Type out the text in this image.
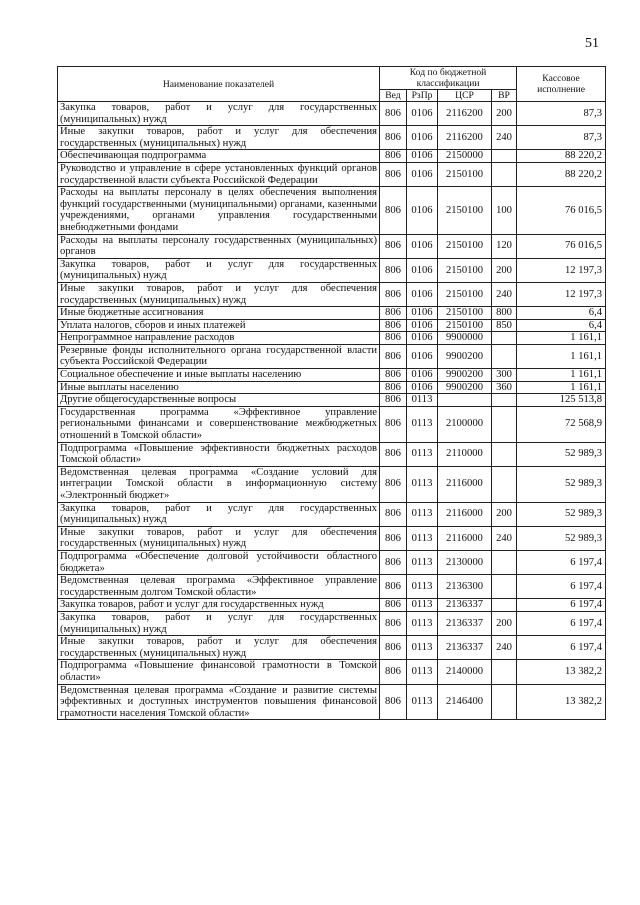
51
Наименование показателей	Код по бюджетной классификации				Кассовое исполнение
	Вед	РзПр	ЦСР	ВР	
Закупка товаров, работ и услуг для государственных (муниципальных) нужд	806	0106	2116200	200	87,3
Иные закупки товаров, работ и услуг для обеспечения государственных (муниципальных) нужд	806	0106	2116200	240	87,3
Обеспечивающая подпрограмма	806	0106	2150000		88 220,2
Руководство и управление в сфере установленных функций органов государственной власти субъекта Российской Федерации	806	0106	2150100		88 220,2
Расходы на выплаты персоналу в целях обеспечения выполнения функций государственными (муниципальными) органами, казенными учреждениями, органами управления государственными внебюджетными фондами	806	0106	2150100	100	76 016,5
Расходы на выплаты персоналу государственных (муниципальных) органов	806	0106	2150100	120	76 016,5
Закупка товаров, работ и услуг для государственных (муниципальных) нужд	806	0106	2150100	200	12 197,3
Иные закупки товаров, работ и услуг для обеспечения государственных (муниципальных) нужд	806	0106	2150100	240	12 197,3
Иные бюджетные ассигнования	806	0106	2150100	800	6,4
Уплата налогов, сборов и иных платежей	806	0106	2150100	850	6,4
Непрограммное направление расходов	806	0106	9900000		1 161,1
Резервные фонды исполнительного органа государственной власти субъекта Российской Федерации	806	0106	9900200		1 161,1
Социальное обеспечение и иные выплаты населению	806	0106	9900200	300	1 161,1
Иные выплаты населению	806	0106	9900200	360	1 161,1
Другие общегосударственные вопросы	806	0113			125 513,8
Государственная программа «Эффективное управление региональными финансами и совершенствование межбюджетных отношений в Томской области»	806	0113	2100000		72 568,9
Подпрограмма «Повышение эффективности бюджетных расходов Томской области»	806	0113	2110000		52 989,3
Ведомственная целевая программа «Создание условий для интеграции Томской области в информационную систему «Электронный бюджет»	806	0113	2116000		52 989,3
Закупка товаров, работ и услуг для государственных (муниципальных) нужд	806	0113	2116000	200	52 989,3
Иные закупки товаров, работ и услуг для обеспечения государственных (муниципальных) нужд	806	0113	2116000	240	52 989,3
Подпрограмма «Обеспечение долговой устойчивости областного бюджета»	806	0113	2130000		6 197,4
Ведомственная целевая программа «Эффективное управление государственным долгом Томской области»	806	0113	2136300		6 197,4
Закупка товаров, работ и услуг для государственных нужд	806	0113	2136337		6 197,4
Закупка товаров, работ и услуг для государственных (муниципальных) нужд	806	0113	2136337	200	6 197,4
Иные закупки товаров, работ и услуг для обеспечения государственных (муниципальных) нужд	806	0113	2136337	240	6 197,4
Подпрограмма «Повышение финансовой грамотности в Томской области»	806	0113	2140000		13 382,2
Ведомственная целевая программа «Создание и развитие системы эффективных и доступных инструментов повышения финансовой грамотности населения Томской области»	806	0113	2146400		13 382,2
